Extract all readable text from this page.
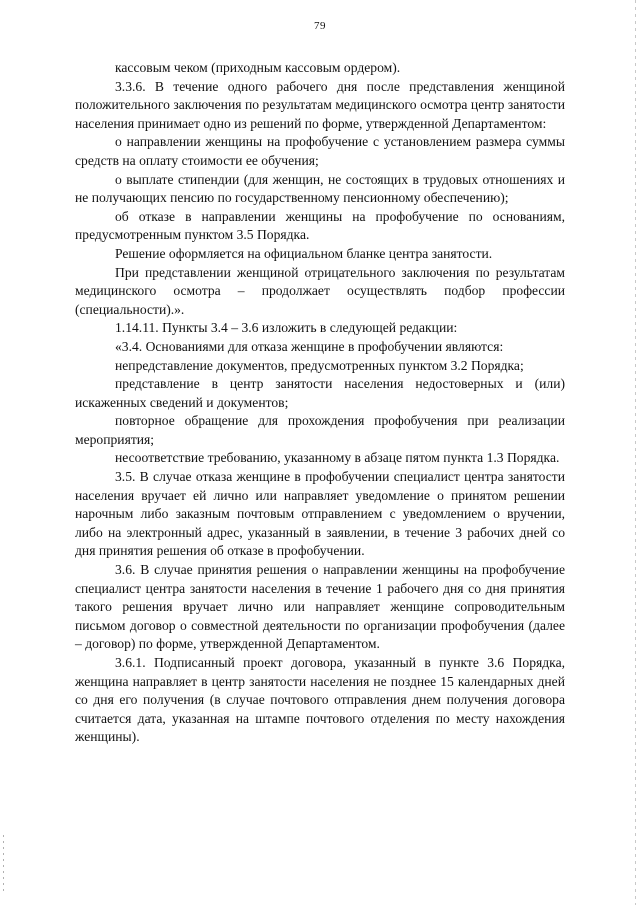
79

кассовым чеком (приходным кассовым ордером).

3.3.6. В течение одного рабочего дня после представления женщиной положительного заключения по результатам медицинского осмотра центр занятости населения принимает одно из решений по форме, утвержденной Департаментом:

о направлении женщины на профобучение с установлением размера суммы средств на оплату стоимости ее обучения;

о выплате стипендии (для женщин, не состоящих в трудовых отношениях и не получающих пенсию по государственному пенсионному обеспечению);

об отказе в направлении женщины на профобучение по основаниям, предусмотренным пунктом 3.5 Порядка.

Решение оформляется на официальном бланке центра занятости.

При представлении женщиной отрицательного заключения по результатам медицинского осмотра – продолжает осуществлять подбор профессии (специальности).».

1.14.11. Пункты 3.4 – 3.6 изложить в следующей редакции:

«3.4. Основаниями для отказа женщине в профобучении являются:

непредставление документов, предусмотренных пунктом 3.2 Порядка;

представление в центр занятости населения недостоверных и (или) искаженных сведений и документов;

повторное обращение для прохождения профобучения при реализации мероприятия;

несоответствие требованию, указанному в абзаце пятом пункта 1.3 Порядка.

3.5. В случае отказа женщине в профобучении специалист центра занятости населения вручает ей лично или направляет уведомление о принятом решении нарочным либо заказным почтовым отправлением с уведомлением о вручении, либо на электронный адрес, указанный в заявлении, в течение 3 рабочих дней со дня принятия решения об отказе в профобучении.

3.6. В случае принятия решения о направлении женщины на профобучение специалист центра занятости населения в течение 1 рабочего дня со дня принятия такого решения вручает лично или направляет женщине сопроводительным письмом договор о совместной деятельности по организации профобучения (далее – договор) по форме, утвержденной Департаментом.

3.6.1. Подписанный проект договора, указанный в пункте 3.6 Порядка, женщина направляет в центр занятости населения не позднее 15 календарных дней со дня его получения (в случае почтового отправления днем получения договора считается дата, указанная на штампе почтового отделения по месту нахождения женщины).
